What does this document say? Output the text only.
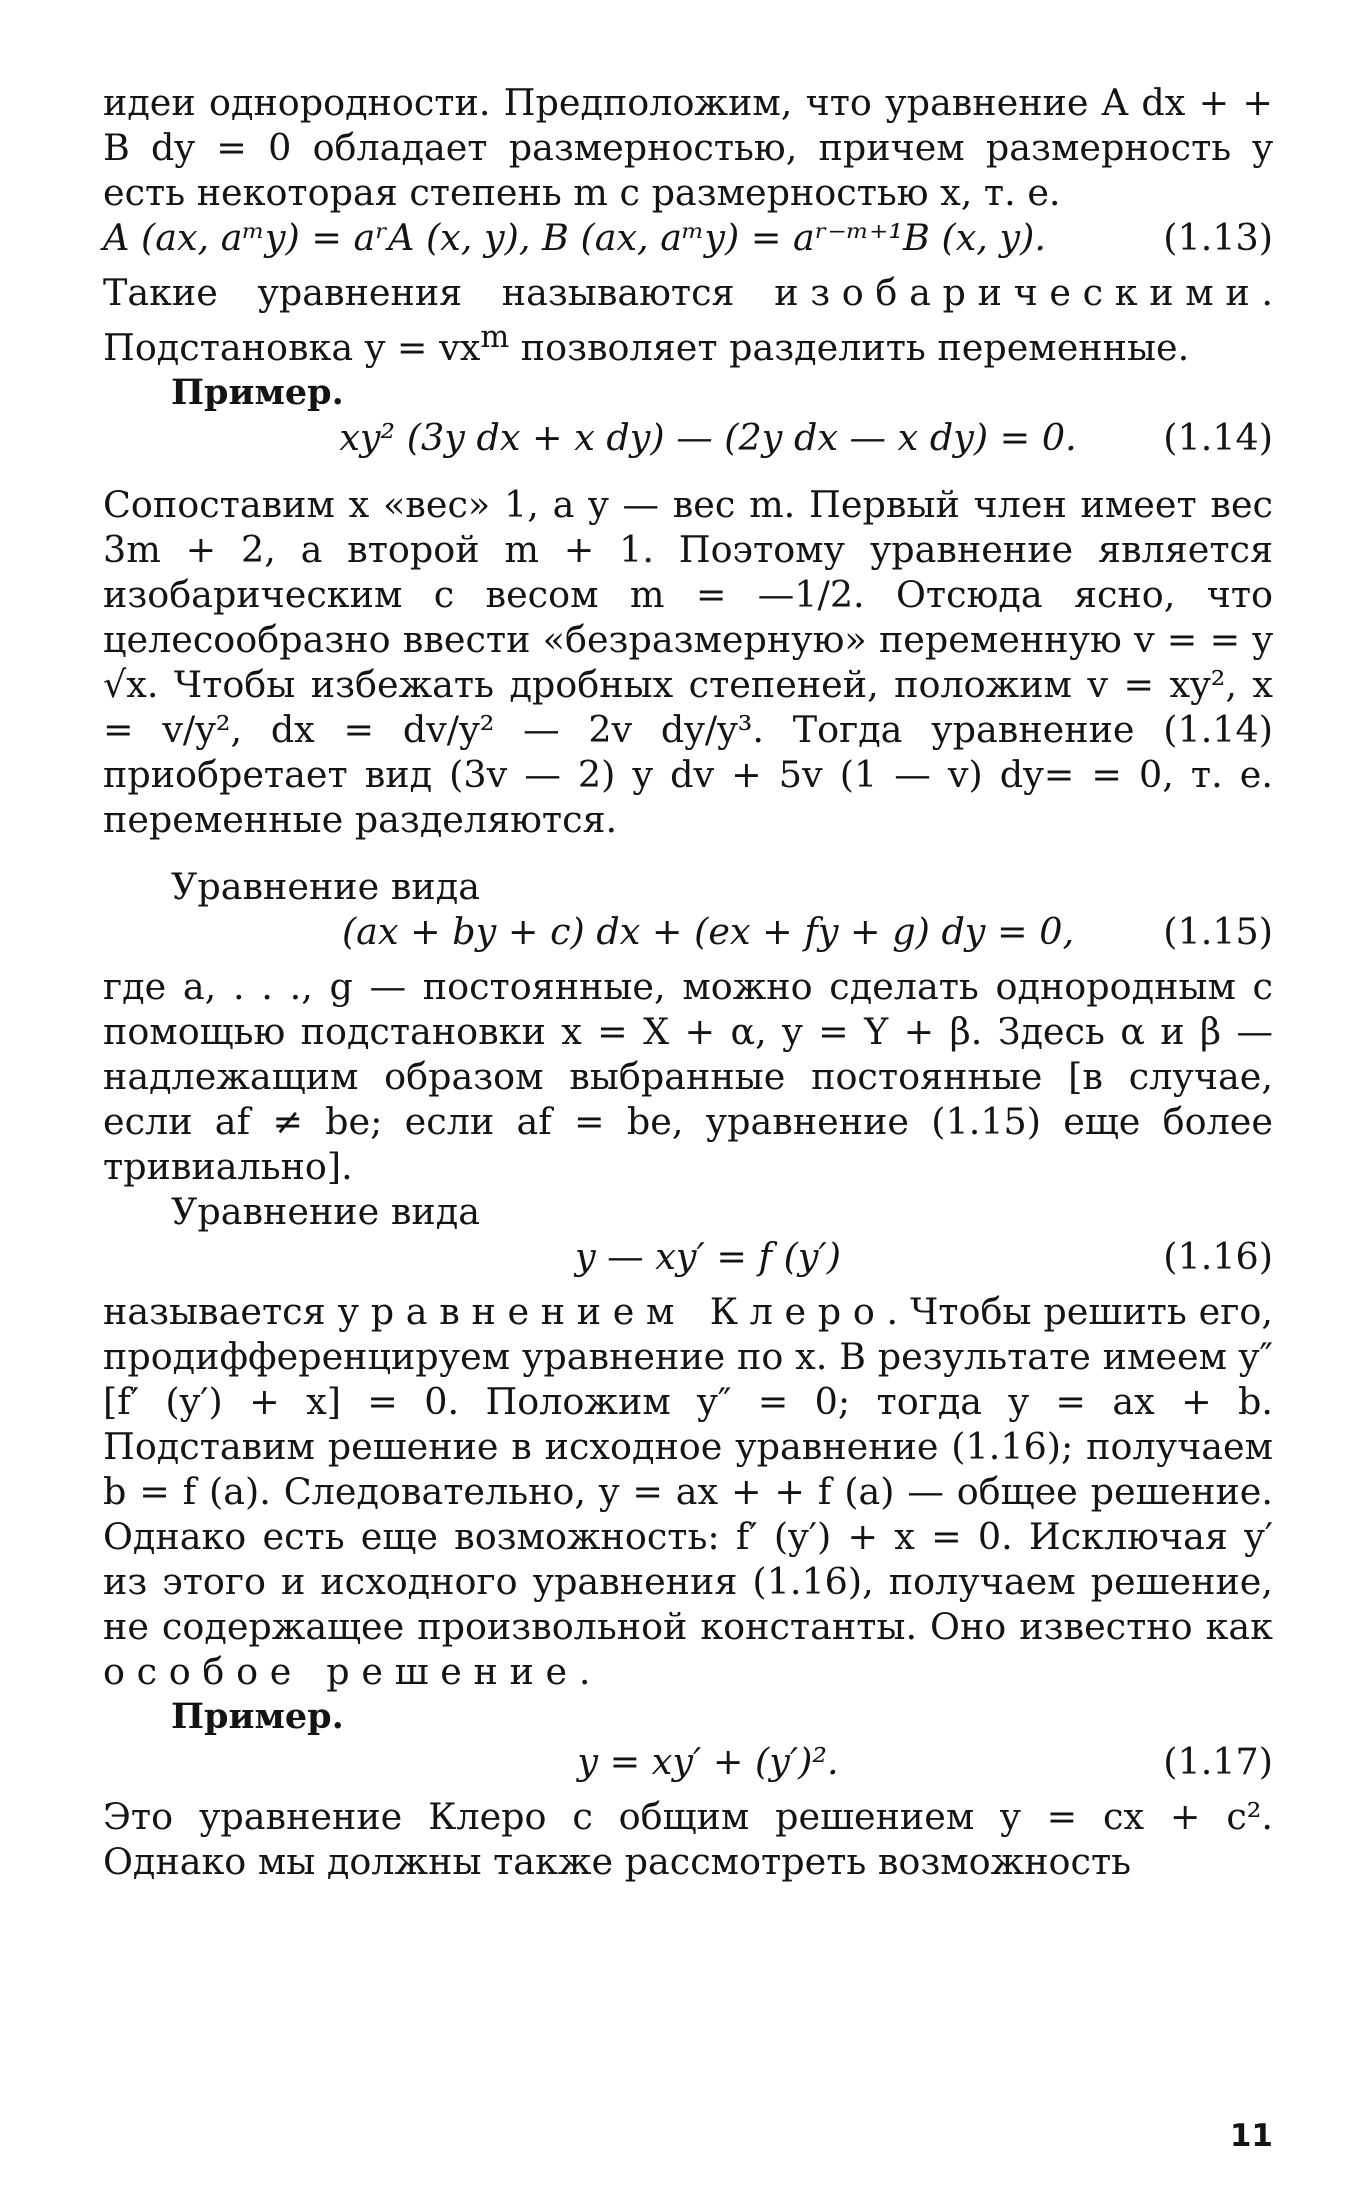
идеи однородности. Предположим, что уравнение A dx + + B dy = 0 обладает размерностью, причем размерность y есть некоторая степень m с размерностью x, т. е.

A (ax, aᵐy) = aʳA (x, y), B (ax, aᵐy) = aʳ⁻ᵐ⁺¹B (x, y).	(1.13)

Такие уравнения называются изобарическими. Подстановка $y = vx^m$ позволяет разделить переменные.

Пример.

xy² (3y dx + x dy) — (2y dx — x dy) = 0.	(1.14)

Сопоставим x «вес» 1, а y — вес m. Первый член имеет вес 3m + 2, а второй m + 1. Поэтому уравнение является изобарическим с весом m = —1/2. Отсюда ясно, что целесообразно ввести «безразмерную» переменную v = = y √x. Чтобы избежать дробных степеней, положим v = xy², x = v/y², dx = dv/y² — 2v dy/y³. Тогда уравнение (1.14) приобретает вид (3v — 2) y dv + 5v (1 — v) dy= = 0, т. е. переменные разделяются.

Уравнение вида

(ax + by + c) dx + (ex + fy + g) dy = 0,	(1.15)

где a, . . ., g — постоянные, можно сделать однородным с помощью подстановки x = X + α, y = Y + β. Здесь α и β — надлежащим образом выбранные постоянные [в случае, если af ≠ be; если af = be, уравнение (1.15) еще более тривиально].

Уравнение вида

y — xy′ = f (y′)	(1.16)

называется уравнением Клеро. Чтобы решить его, продифференцируем уравнение по x. В результате имеем y″ [f′ (y′) + x] = 0. Положим y″ = 0; тогда y = ax + b. Подставим решение в исходное уравнение (1.16); получаем b = f (a). Следовательно, y = ax + + f (a) — общее решение. Однако есть еще возможность: f′ (y′) + x = 0. Исключая y′ из этого и исходного уравнения (1.16), получаем решение, не содержащее произвольной константы. Оно известно как особое решение.

Пример.

y = xy′ + (y′)².	(1.17)

Это уравнение Клеро с общим решением y = cx + c². Однако мы должны также рассмотреть возможность

11
